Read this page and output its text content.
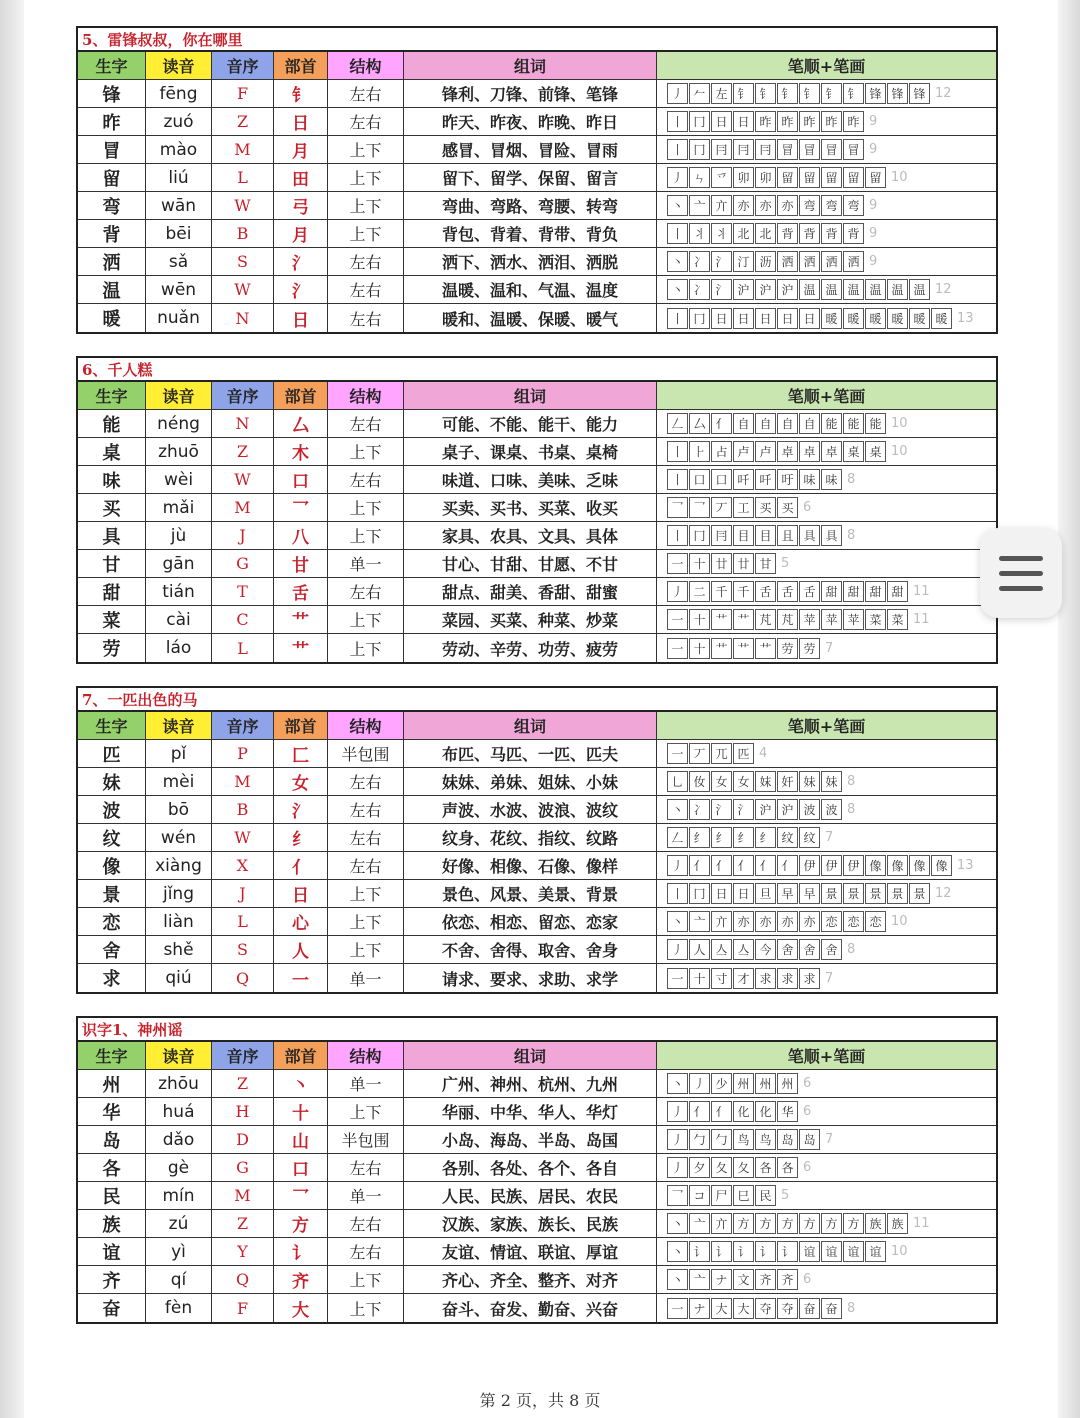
5、雷锋叔叔，你在哪里
生字	读音	音序	部首	结构	组词	笔顺+笔画
锋	fēng	F	钅	左右	锋利、刀锋、前锋、笔锋	丿 𠂉 左 钅 钅 钅 钅 钅 钅 锋 锋 锋 12
昨	zuó	Z	日	左右	昨天、昨夜、昨晚、昨日	丨 冂 日 日 昨 昨 昨 昨 昨 9
冒	mào	M	月	上下	感冒、冒烟、冒险、冒雨	丨 冂 冃 冃 冃 冒 冒 冒 冒 9
留	liú	L	田	上下	留下、留学、保留、留言	丿 ㄣ 乊 卯 卯 留 留 留 留 留 10
弯	wān	W	弓	上下	弯曲、弯路、弯腰、转弯	丶 亠 亣 亦 亦 亦 弯 弯 弯 9
背	bēi	B	月	上下	背包、背着、背带、背负	丨 丬 丬 北 北 背 背 背 背 9
洒	sǎ	S	氵	左右	洒下、洒水、洒泪、洒脱	丶 冫 氵 汀 沥 洒 洒 洒 洒 9
温	wēn	W	氵	左右	温暖、温和、气温、温度	丶 冫 氵 沪 沪 沪 温 温 温 温 温 温 12
暖	nuǎn	N	日	左右	暖和、温暖、保暖、暖气	丨 冂 日 日 日 日 日 暖 暖 暖 暖 暖 暖 13
6、千人糕
生字	读音	音序	部首	结构	组词	笔顺+笔画
能	néng	N	厶	左右	可能、不能、能干、能力	𠃋 厶 亻 自 自 自 自 能 能 能 10
桌	zhuō	Z	木	上下	桌子、课桌、书桌、桌椅	丨 ⺊ 占 卢 卢 卓 卓 卓 桌 桌 10
味	wèi	W	口	左右	味道、口味、美味、乏味	丨 口 口 吀 吀 吁 味 味 8
买	mǎi	M	乛	上下	买卖、买书、买菜、收买	乛 乛 丆 工 买 买 6
具	jù	J	八	上下	家具、农具、文具、具体	丨 冂 冃 目 目 且 具 具 8
甘	gān	G	甘	单一	甘心、甘甜、甘愿、不甘	一 十 廿 廿 甘 5
甜	tián	T	舌	左右	甜点、甜美、香甜、甜蜜	丿 二 千 千 舌 舌 舌 甜 甜 甜 甜 11
菜	cài	C	艹	上下	菜园、买菜、种菜、炒菜	一 十 艹 艹 芃 芃 苹 苹 苹 菜 菜 11
劳	láo	L	艹	上下	劳动、辛劳、功劳、疲劳	一 十 艹 艹 艹 劳 劳 7
7、一匹出色的马
生字	读音	音序	部首	结构	组词	笔顺+笔画
匹	pǐ	P	匚	半包围	布匹、马匹、一匹、匹夫	一 丆 兀 匹 4
妹	mèi	M	女	左右	妹妹、弟妹、姐妹、小妹	乚 㚢 女 女 妺 奸 妹 妹 8
波	bō	B	氵	左右	声波、水波、波浪、波纹	丶 冫 氵 氵 沪 沪 波 波 8
纹	wén	W	纟	左右	纹身、花纹、指纹、纹路	𠃋 纟 纟 纟 纟 纹 纹 7
像	xiàng	X	亻	左右	好像、相像、石像、像样	丿 亻 亻 亻 亻 亻 伊 伊 伊 像 像 像 像 13
景	jǐng	J	日	上下	景色、风景、美景、背景	丨 冂 日 日 旦 早 早 景 景 景 景 景 12
恋	liàn	L	心	上下	依恋、相恋、留恋、恋家	丶 亠 亣 亦 亦 亦 亦 恋 恋 恋 10
舍	shě	S	人	上下	不舍、舍得、取舍、舍身	丿 人 亼 亼 今 舍 舍 舍 8
求	qiú	Q	一	单一	请求、要求、求助、求学	一 十 寸 才 求 求 求 7
识字1、神州谣
生字	读音	音序	部首	结构	组词	笔顺+笔画
州	zhōu	Z	丶	单一	广州、神州、杭州、九州	丶 丿 少 州 州 州 6
华	huá	H	十	上下	华丽、中华、华人、华灯	丿 亻 亻 化 化 华 6
岛	dǎo	D	山	半包围	小岛、海岛、半岛、岛国	丿 勹 勹 鸟 鸟 岛 岛 7
各	gè	G	口	左右	各别、各处、各个、各自	丿 夕 夂 夂 各 各 6
民	mín	M	乛	单一	人民、民族、居民、农民	乛 コ 尸 巳 民 5
族	zú	Z	方	左右	汉族、家族、族长、民族	丶 亠 亣 方 方 方 方 方 方 族 族 11
谊	yì	Y	讠	左右	友谊、情谊、联谊、厚谊	丶 讠 讠 讠 讠 讠 谊 谊 谊 谊 10
齐	qí	Q	齐	上下	齐心、齐全、整齐、对齐	丶 亠 ナ 文 齐 齐 6
奋	fèn	F	大	上下	奋斗、奋发、勤奋、兴奋	一 ナ 大 大 夺 夺 奋 奋 8
第 2 页，共 8 页
